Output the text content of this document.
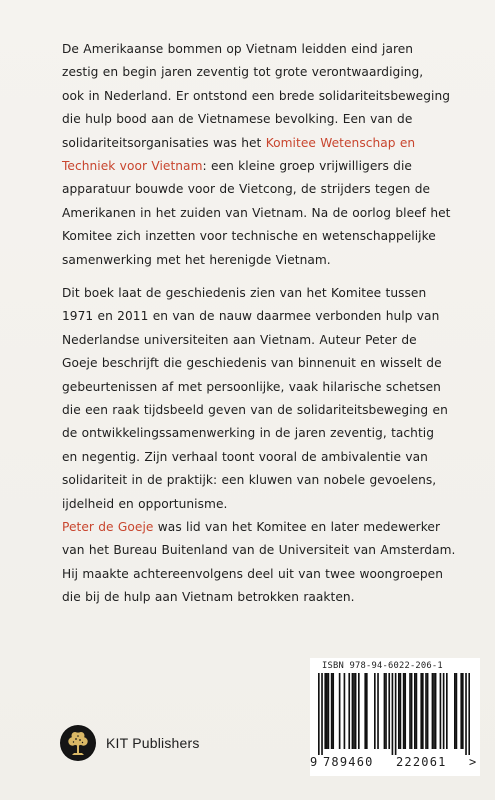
De Amerikaanse bommen op Vietnam leidden eind jaren
zestig en begin jaren zeventig tot grote verontwaardiging,
ook in Nederland. Er ontstond een brede solidariteitsbeweging
die hulp bood aan de Vietnamese bevolking. Een van de
solidariteitsorganisaties was het Komitee Wetenschap en
Techniek voor Vietnam: een kleine groep vrijwilligers die
apparatuur bouwde voor de Vietcong, de strijders tegen de
Amerikanen in het zuiden van Vietnam. Na de oorlog bleef het
Komitee zich inzetten voor technische en wetenschappelijke
samenwerking met het herenigde Vietnam.
Dit boek laat de geschiedenis zien van het Komitee tussen
1971 en 2011 en van de nauw daarmee verbonden hulp van
Nederlandse universiteiten aan Vietnam. Auteur Peter de
Goeje beschrijft die geschiedenis van binnenuit en wisselt de
gebeurtenissen af met persoonlijke, vaak hilarische schetsen
die een raak tijdsbeeld geven van de solidariteitsbeweging en
de ontwikkelingssamenwerking in de jaren zeventig, tachtig
en negentig. Zijn verhaal toont vooral de ambivalentie van
solidariteit in de praktijk: een kluwen van nobele gevoelens,
ijdelheid en opportunisme.
Peter de Goeje was lid van het Komitee en later medewerker
van het Bureau Buitenland van de Universiteit van Amsterdam.
Hij maakte achtereenvolgens deel uit van twee woongroepen
die bij de hulp aan Vietnam betrokken raakten.
KIT Publishers
ISBN 978-94-6022-206-1
9 789460 222061 >
